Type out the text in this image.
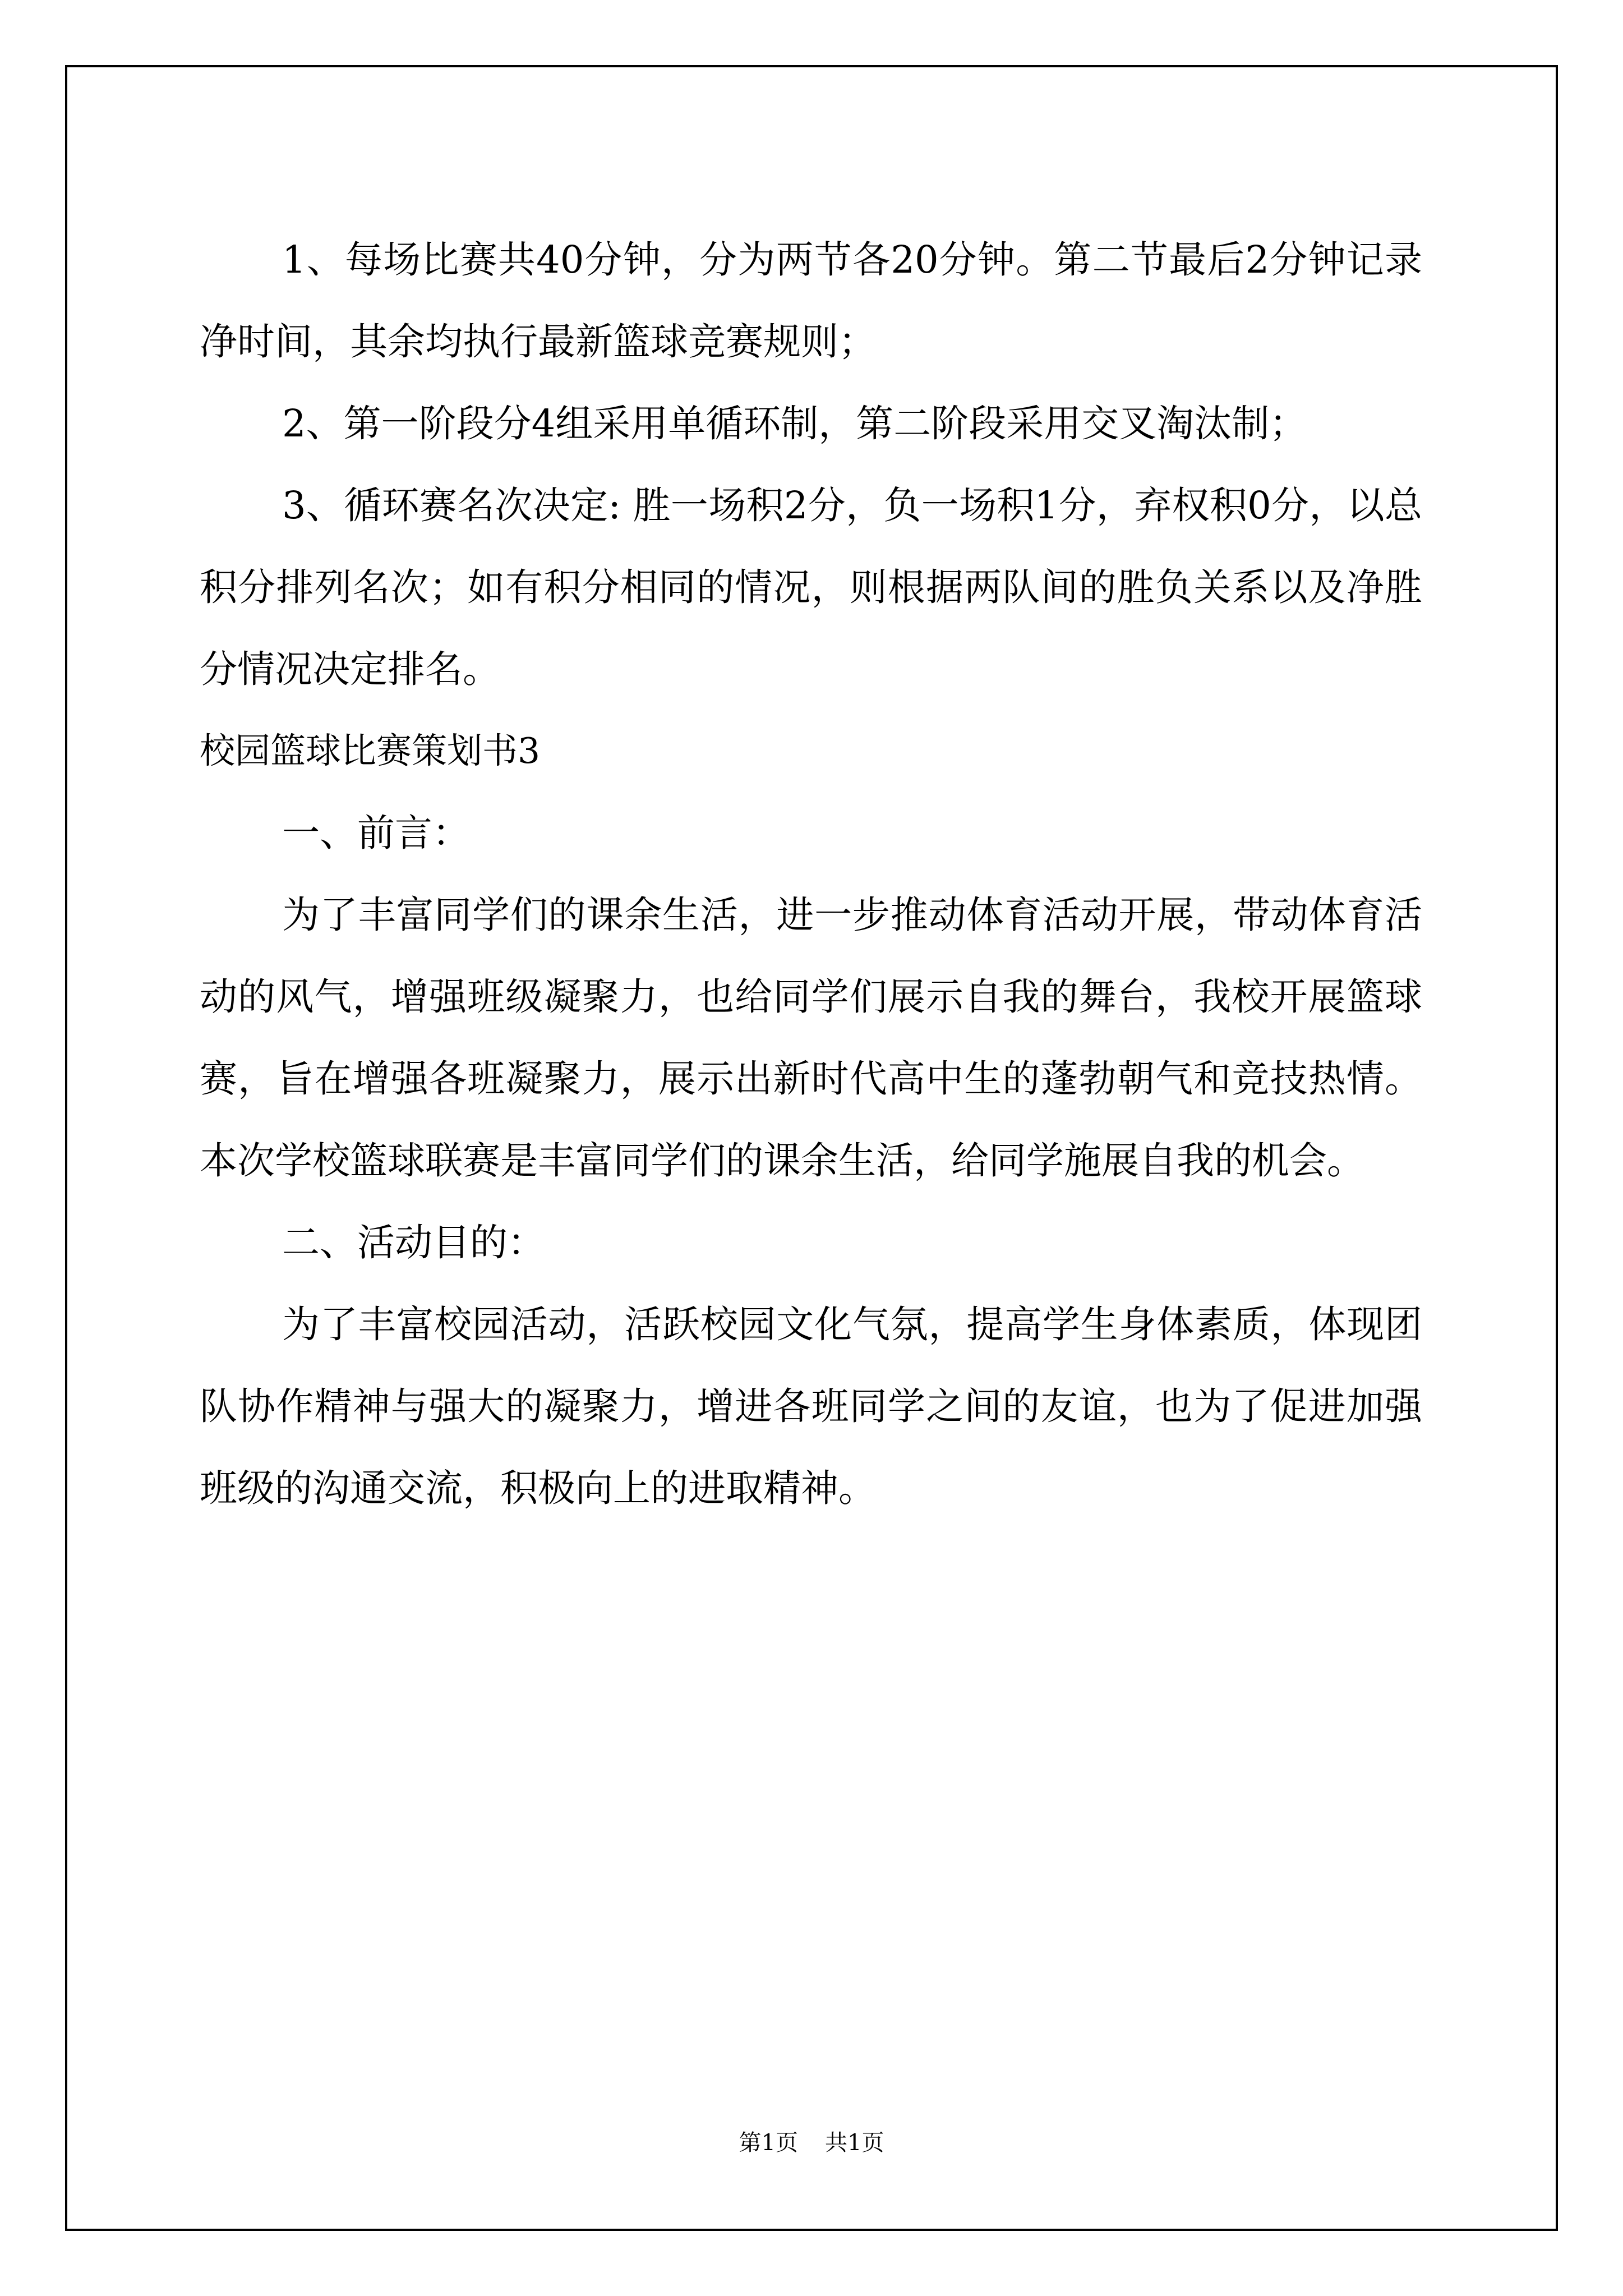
1、每场比赛共40分钟，分为两节各20分钟。第二节最后2分钟记录净时间，其余均执行最新篮球竞赛规则；

2、第一阶段分4组采用单循环制，第二阶段采用交叉淘汰制；

3、循环赛名次决定: 胜一场积2分，负一场积1分，弃权积0分，以总积分排列名次；如有积分相同的情况，则根据两队间的胜负关系以及净胜分情况决定排名。

校园篮球比赛策划书3

一、前言：

为了丰富同学们的课余生活，进一步推动体育活动开展，带动体育活动的风气，增强班级凝聚力，也给同学们展示自我的舞台，我校开展篮球赛，旨在增强各班凝聚力，展示出新时代高中生的蓬勃朝气和竞技热情。本次学校篮球联赛是丰富同学们的课余生活，给同学施展自我的机会。

二、活动目的：

为了丰富校园活动，活跃校园文化气氛，提高学生身体素质，体现团队协作精神与强大的凝聚力，增进各班同学之间的友谊，也为了促进加强班级的沟通交流，积极向上的进取精神。

第1页 共1页
